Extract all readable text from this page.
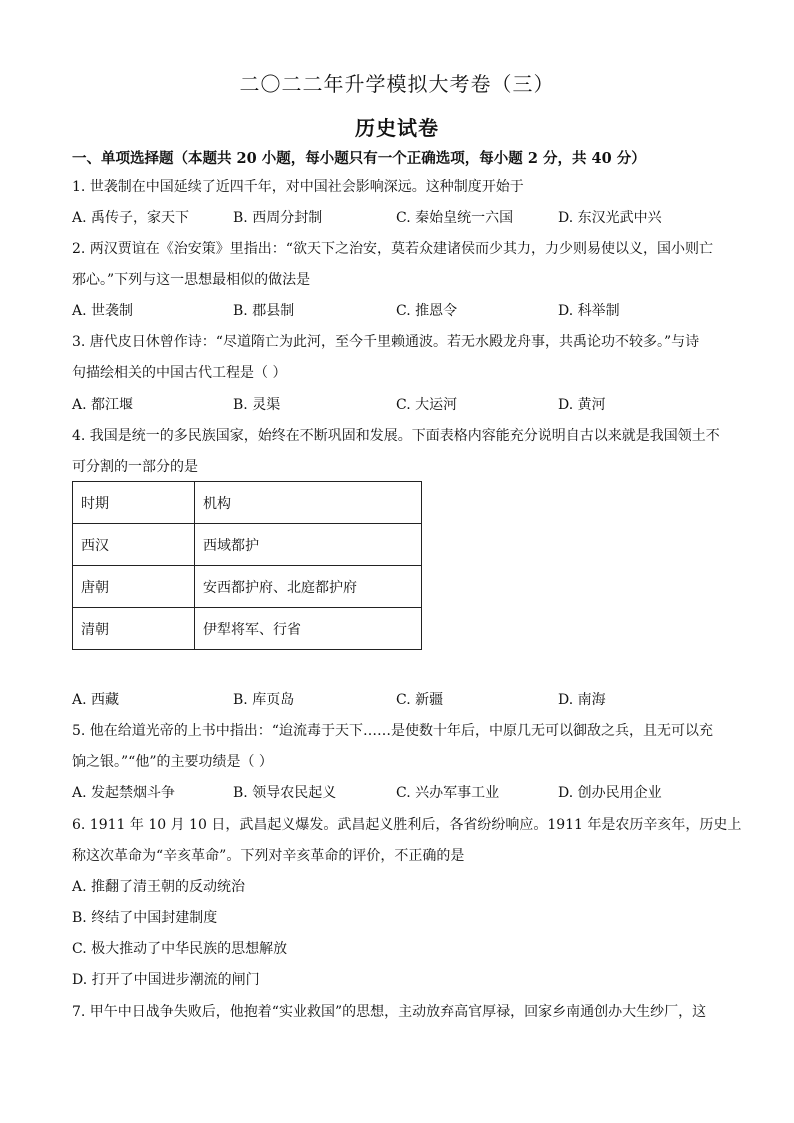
二〇二二年升学模拟大考卷（三）
历史试卷
一、单项选择题（本题共 20 小题，每小题只有一个正确选项，每小题 2 分，共 40 分）
1. 世袭制在中国延续了近四千年，对中国社会影响深远。这种制度开始于
A. 禹传子，家天下	B. 西周分封制	C. 秦始皇统一六国	D. 东汉光武中兴
2. 两汉贾谊在《治安策》里指出：“欲天下之治安，莫若众建诸侯而少其力，力少则易使以义，国小则亡
邪心。”下列与这一思想最相似的做法是
A. 世袭制	B. 郡县制	C. 推恩令	D. 科举制
3. 唐代皮日休曾作诗：“尽道隋亡为此河，至今千里赖通波。若无水殿龙舟事，共禹论功不较多。”与诗
句描绘相关的中国古代工程是（ ）
A. 都江堰	B. 灵渠	C. 大运河	D. 黄河
4. 我国是统一的多民族国家，始终在不断巩固和发展。下面表格内容能充分说明自古以来就是我国领土不
可分割的一部分的是
时期	机构
西汉	西域都护
唐朝	安西都护府、北庭都护府
清朝	伊犁将军、行省
A. 西藏	B. 库页岛	C. 新疆	D. 南海
5. 他在给道光帝的上书中指出：“迨流毒于天下……是使数十年后，中原几无可以御敌之兵，且无可以充
饷之银。”“他”的主要功绩是（ ）
A. 发起禁烟斗争	B. 领导农民起义	C. 兴办军事工业	D. 创办民用企业
6. 1911 年 10 月 10 日，武昌起义爆发。武昌起义胜利后，各省纷纷响应。1911 年是农历辛亥年，历史上
称这次革命为“辛亥革命”。下列对辛亥革命的评价，不正确的是
A. 推翻了清王朝的反动统治
B. 终结了中国封建制度
C. 极大推动了中华民族的思想解放
D. 打开了中国进步潮流的闸门
7. 甲午中日战争失败后，他抱着“实业救国”的思想，主动放弃高官厚禄，回家乡南通创办大生纱厂，这
